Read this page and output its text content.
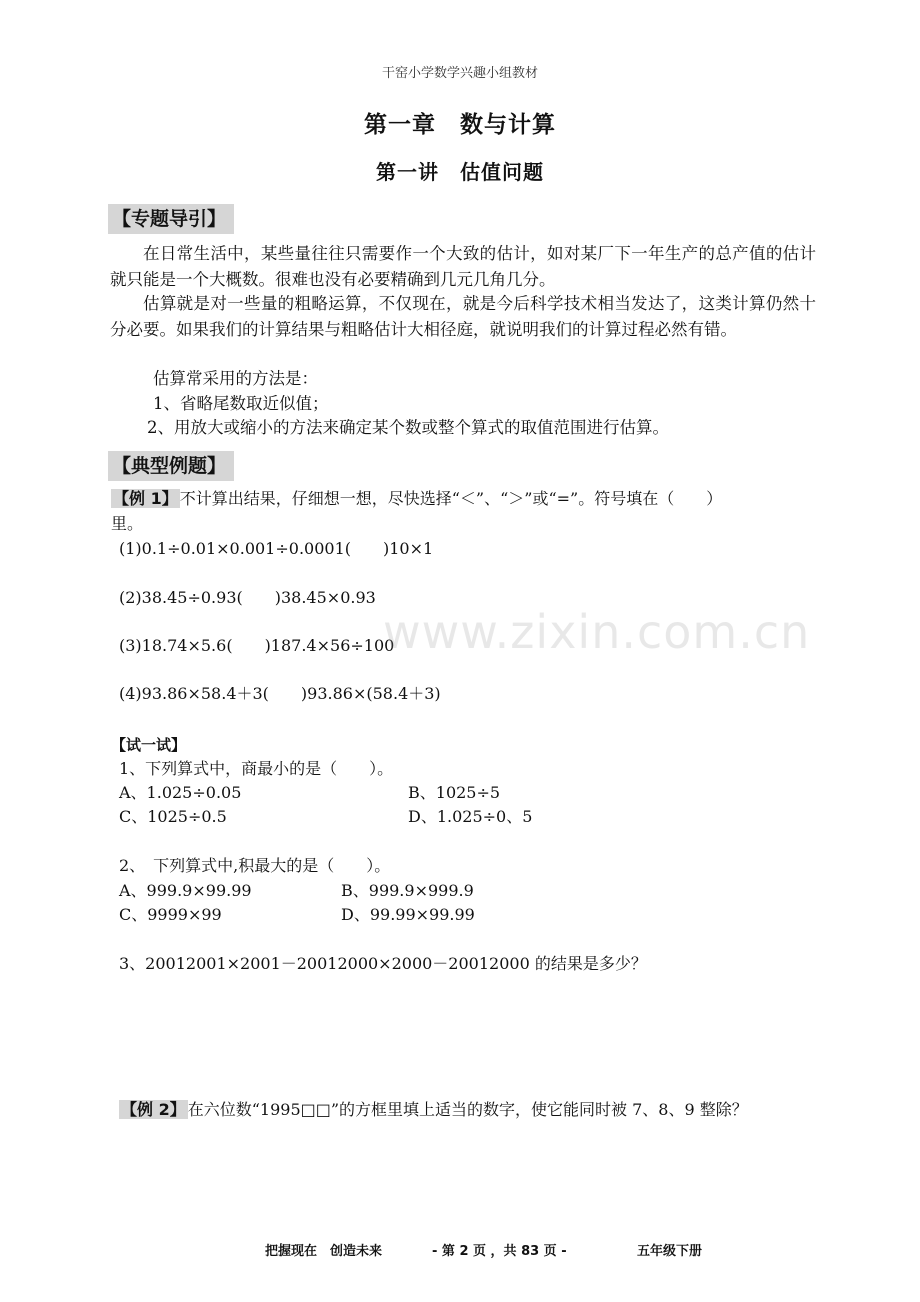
干窑小学数学兴趣小组教材
第一章　数与计算
第一讲　估值问题
【专题导引】
在日常生活中，某些量往往只需要作一个大致的估计，如对某厂下一年生产的总产值的估计就只能是一个大概数。很难也没有必要精确到几元几角几分。
估算就是对一些量的粗略运算，不仅现在，就是今后科学技术相当发达了，这类计算仍然十分必要。如果我们的计算结果与粗略估计大相径庭，就说明我们的计算过程必然有错。
估算常采用的方法是：
1、省略尾数取近似值；
2、用放大或缩小的方法来确定某个数或整个算式的取值范围进行估算。
【典型例题】
【例 1】 不计算出结果，仔细想一想，尽快选择“＜”、“＞”或“=”。符号填在（　　）
里。
(1)0.1÷0.01×0.001÷0.0001(　　)10×1
(2)38.45÷0.93(　　)38.45×0.93
(3)18.74×5.6(　　)187.4×56÷100
(4)93.86×58.4＋3(　　)93.86×(58.4＋3)
【试一试】
1、下列算式中，商最小的是（　　）。
A、1.025÷0.05	B、1025÷5
C、1025÷0.5	D、1.025÷0、5
2、　下列算式中,积最大的是（　　）。
A、999.9×99.99	B、999.9×999.9
C、9999×99	D、99.99×99.99
3、20012001×2001－20012000×2000－20012000 的结果是多少？
【例 2】 在六位数“1995□□”的方框里填上适当的数字，使它能同时被 7、8、9 整除？
www.zixin.com.cn
把握现在　创造未来	- 第 2 页 ，共 83 页 -	五年级下册
